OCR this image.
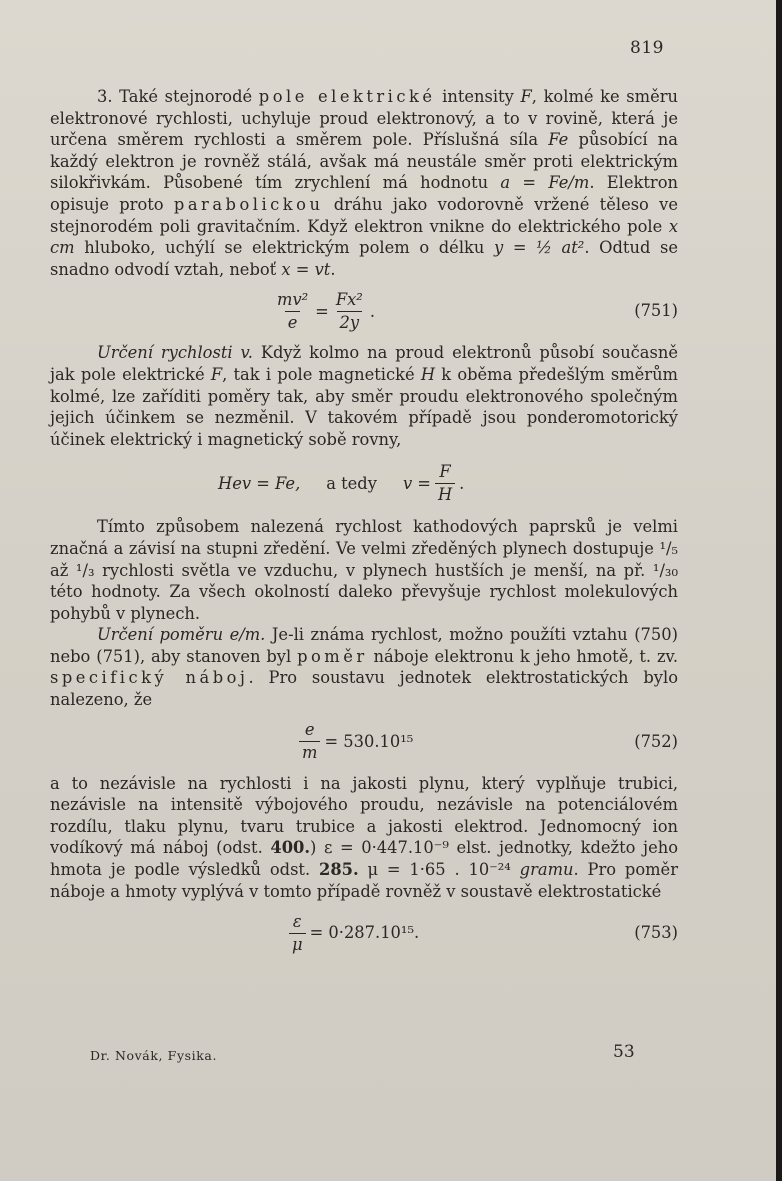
819

3. Také stejnorodé pole elektrické intensity F, kolmé ke směru elektronové rychlosti, uchyluje proud elektronový, a to v rovině, která je určena směrem rychlosti a směrem pole. Příslušná síla Fe působící na každý elektron je rovněž stálá, avšak má neustále směr proti elektrickým silokřivkám. Působené tím zrychlení má hodnotu a = Fe/m. Elektron opisuje proto parabolickou dráhu jako vodorovně vržené těleso ve stejnorodém poli gravitačním. Když elektron vnikne do elektrického pole x cm hluboko, uchýlí se elektrickým polem o délku y = ½ at². Odtud se snadno odvodí vztah, neboť x = vt.

$\frac{\text{mv²}}{e} = \frac{\text{Fx²}}{2y}$ .	(751)

Určení rychlosti v. Když kolmo na proud elektronů působí současně jak pole elektrické F, tak i pole magnetické H k oběma předešlým směrům kolmé, lze zaříditi poměry tak, aby směr proudu elektronového společným jejich účinkem se nezměnil. V takovém případě jsou ponderomotorický účinek elektrický i magnetický sobě rovny,

Hev = Fe, a tedy $v = \frac{F}{H}$ .

Tímto způsobem nalezená rychlost kathodových paprsků je velmi značná a závisí na stupni zředění. Ve velmi zředěných plynech dostupuje ¹/₅ až ¹/₃ rychlosti světla ve vzduchu, v plynech hustších je menší, na př. ¹/₃₀ této hodnoty. Za všech okolností daleko převyšuje rychlost molekulových pohybů v plynech.

Určení poměru e/m. Je-li známa rychlost, možno použíti vztahu (750) nebo (751), aby stanoven byl poměr náboje elektronu k jeho hmotě, t. zv. specifický náboj. Pro soustavu jednotek elektrostatických bylo nalezeno, že

$\frac{e}{m} = 530.10^{15}$	(752)

a to nezávisle na rychlosti i na jakosti plynu, který vyplňuje trubici, nezávisle na intensitě výbojového proudu, nezávisle na potenciálovém rozdílu, tlaku plynu, tvaru trubice a jakosti elektrod. Jednomocný ion vodíkový má náboj (odst. 400.) ε = 0·447.10⁻⁹ elst. jednotky, kdežto jeho hmota je podle výsledků odst. 285. μ = 1·65 . 10⁻²⁴ gramu. Pro poměr náboje a hmoty vyplývá v tomto případě rovněž v soustavě elektrostatické

$\frac{\varepsilon}{\mu} = 0\cdot 287.10^{15}$.	(753)
Dr. Novák, Fysika.	53
